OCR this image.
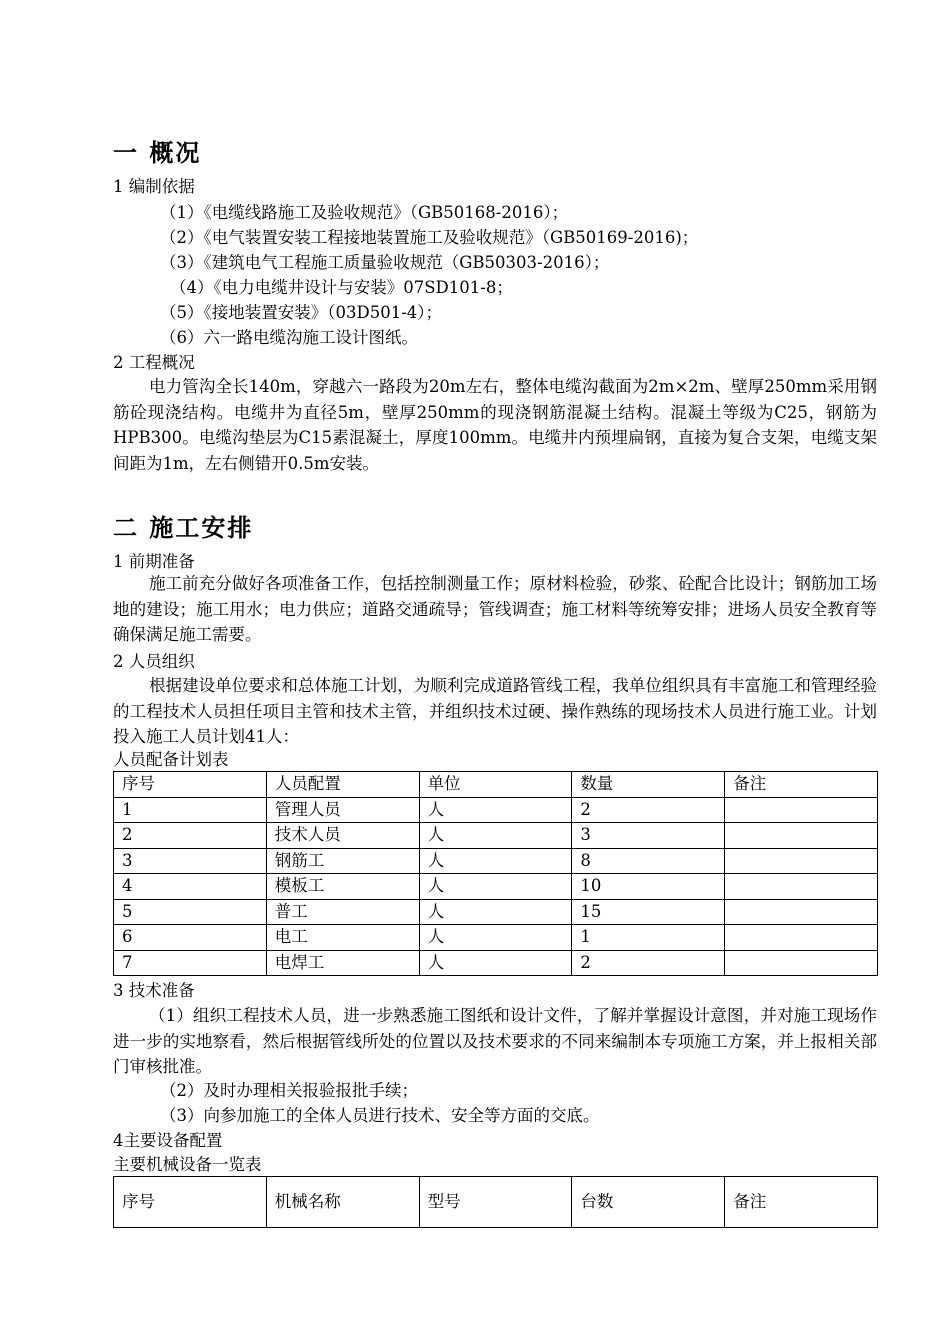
一 概况
1 编制依据
（1）《电缆线路施工及验收规范》（GB50168-2016）；
（2）《电气装置安装工程接地装置施工及验收规范》（GB50169-2016)；
（3）《建筑电气工程施工质量验收规范（GB50303-2016）；
（4）《电力电缆井设计与安装》07SD101-8；
（5）《接地装置安装》（03D501-4）；
（6）六一路电缆沟施工设计图纸。
2 工程概况
电力管沟全长140m，穿越六一路段为20m左右，整体电缆沟截面为2m×2m、壁厚250mm采用钢筋砼现浇结构。电缆井为直径5m，壁厚250mm的现浇钢筋混凝土结构。混凝土等级为C25，钢筋为HPB300。电缆沟垫层为C15素混凝土，厚度100mm。电缆井内预埋扁钢，直接为复合支架，电缆支架间距为1m，左右侧错开0.5m安装。
二 施工安排
1 前期准备
施工前充分做好各项准备工作，包括控制测量工作；原材料检验，砂浆、砼配合比设计；钢筋加工场地的建设；施工用水；电力供应；道路交通疏导；管线调查；施工材料等统筹安排；进场人员安全教育等确保满足施工需要。
2 人员组织
根据建设单位要求和总体施工计划，为顺利完成道路管线工程，我单位组织具有丰富施工和管理经验的工程技术人员担任项目主管和技术主管，并组织技术过硬、操作熟练的现场技术人员进行施工业。计划投入施工人员计划41人：
人员配备计划表
序号	人员配置	单位	数量	备注
1	管理人员	人	2	
2	技术人员	人	3	
3	钢筋工	人	8	
4	模板工	人	10	
5	普工	人	15	
6	电工	人	1	
7	电焊工	人	2	
3 技术准备
（1）组织工程技术人员，进一步熟悉施工图纸和设计文件，了解并掌握设计意图，并对施工现场作进一步的实地察看，然后根据管线所处的位置以及技术要求的不同来编制本专项施工方案，并上报相关部门审核批准。
（2）及时办理相关报验报批手续；
（3）向参加施工的全体人员进行技术、安全等方面的交底。
4主要设备配置
主要机械设备一览表
序号	机械名称	型号	台数	备注
